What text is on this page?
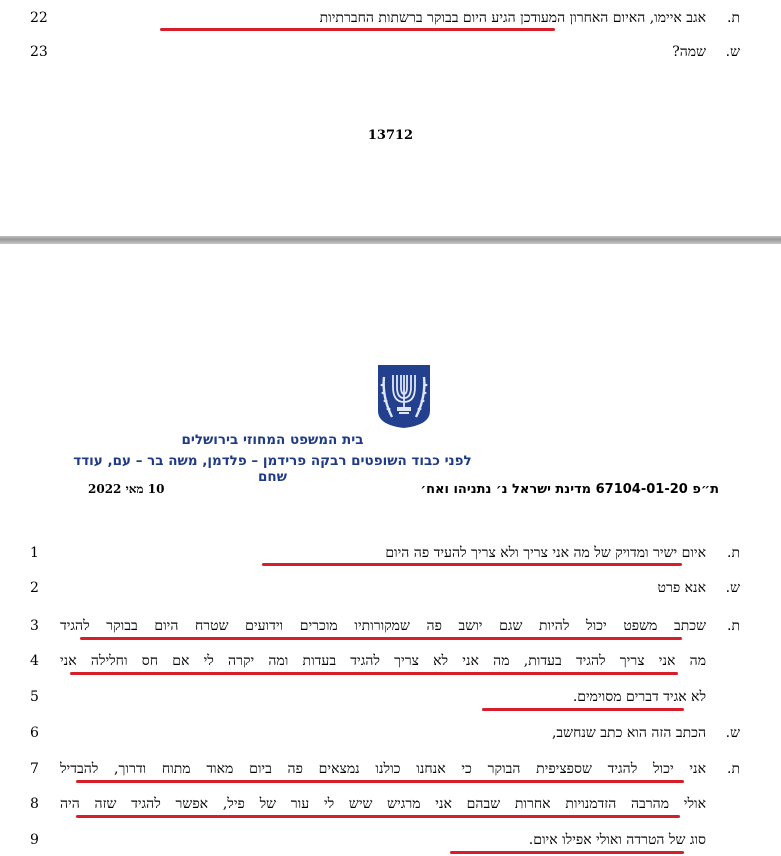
22	אגב איימו, האיום האחרון המעודכן הגיע היום בבוקר ברשתות החברתיות	ת.
23	שמה?	ש.
13712
בית המשפט המחוזי בירושלים
לפני כבוד השופטים רבקה פרידמן – פלדמן, משה בר – עם, עודד שחם
ת״פ 67104-01-20 מדינת ישראל נ׳ נתניהו ואח׳
10 מאי 2022
1	איום ישיר ומדויק של מה אני צריך ולא צריך להעיד פה היום	ת.
2	אנא פרט	ש.
3	שכתב משפט יכול להיות שגם יושב פה שמקורותיו מוכרים וידועים שטרח היום בבוקר להגיד	ת.
4	מה אני צריך להגיד בעדות, מה אני לא צריך להגיד בעדות ומה יקרה לי אם חס וחלילה אני
5	לא אגיד דברים מסוימים.
6	הכתב הזה הוא כתב שנחשב,	ש.
7	אני יכול להגיד שספציפית הבוקר כי אנחנו כולנו נמצאים פה ביום מאוד מתוח ודרוך, להבדיל	ת.
8	אולי מהרבה הזדמנויות אחרות שבהם אני מרגיש שיש לי עור של פיל, אפשר להגיד שזה היה
9	סוג של הטרדה ואולי אפילו איום.
